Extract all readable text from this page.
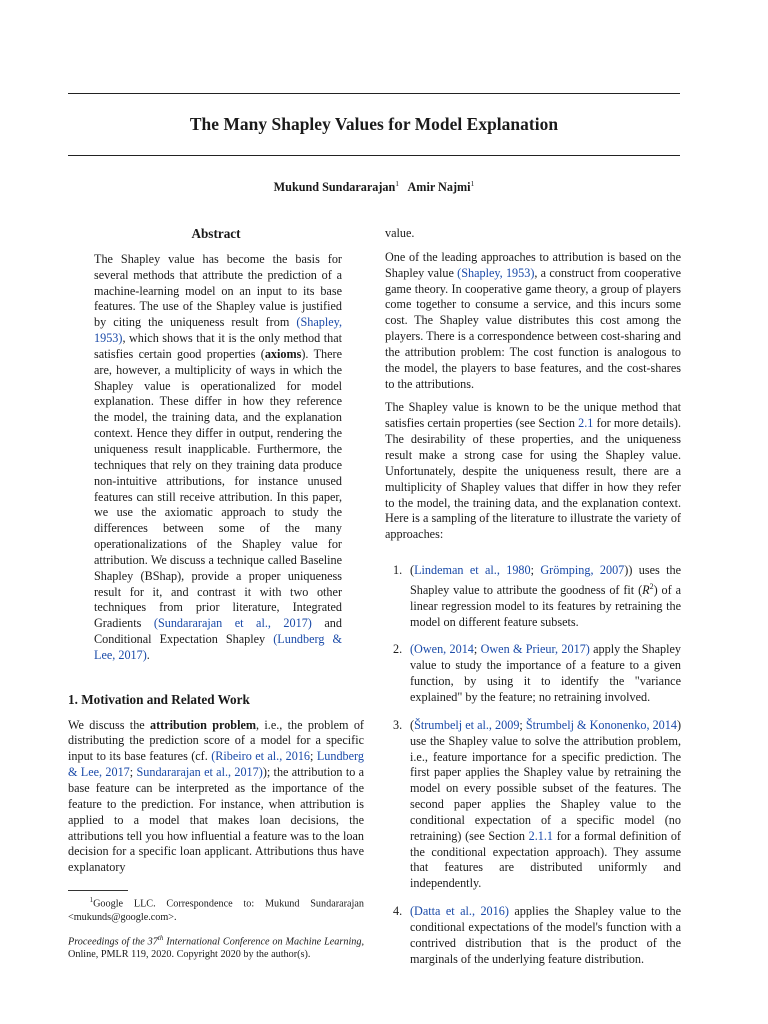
The Many Shapley Values for Model Explanation
Mukund Sundararajan$^1$ Amir Najmi$^1$
Abstract

The Shapley value has become the basis for several methods that attribute the prediction of a machine-learning model on an input to its base features. The use of the Shapley value is justified by citing the uniqueness result from (Shapley, 1953), which shows that it is the only method that satisfies certain good properties (axioms). There are, however, a multiplicity of ways in which the Shapley value is operationalized for model explanation. These differ in how they reference the model, the training data, and the explanation context. Hence they differ in output, rendering the uniqueness result inapplicable. Furthermore, the techniques that rely on they training data produce non-intuitive attributions, for instance unused features can still receive attribution. In this paper, we use the axiomatic approach to study the differences between some of the many operationalizations of the Shapley value for attribution. We discuss a technique called Baseline Shapley (BShap), provide a proper uniqueness result for it, and contrast it with two other techniques from prior literature, Integrated Gradients (Sundararajan et al., 2017) and Conditional Expectation Shapley (Lundberg & Lee, 2017).

1. Motivation and Related Work

We discuss the attribution problem, i.e., the problem of distributing the prediction score of a model for a specific input to its base features (cf. (Ribeiro et al., 2016; Lundberg & Lee, 2017; Sundararajan et al., 2017)); the attribution to a base feature can be interpreted as the importance of the feature to the prediction. For instance, when attribution is applied to a model that makes loan decisions, the attributions tell you how influential a feature was to the loan decision for a specific loan applicant. Attributions thus have explanatory

$^1$Google LLC. Correspondence to: Mukund Sundararajan <mukunds@google.com>.
Proceedings of the 37th International Conference on Machine Learning, Online, PMLR 119, 2020. Copyright 2020 by the author(s).

value.

One of the leading approaches to attribution is based on the Shapley value (Shapley, 1953), a construct from cooperative game theory. In cooperative game theory, a group of players come together to consume a service, and this incurs some cost. The Shapley value distributes this cost among the players. There is a correspondence between cost-sharing and the attribution problem: The cost function is analogous to the model, the players to base features, and the cost-shares to the attributions.

The Shapley value is known to be the unique method that satisfies certain properties (see Section 2.1 for more details). The desirability of these properties, and the uniqueness result make a strong case for using the Shapley value. Unfortunately, despite the uniqueness result, there are a multiplicity of Shapley values that differ in how they refer to the model, the training data, and the explanation context. Here is a sampling of the literature to illustrate the variety of approaches:

1. (Lindeman et al., 1980; Grömping, 2007)) uses the Shapley value to attribute the goodness of fit $(R^2)$ of a linear regression model to its features by retraining the model on different feature subsets.
2. (Owen, 2014; Owen & Prieur, 2017) apply the Shapley value to study the importance of a feature to a given function, by using it to identify the "variance explained" by the feature; no retraining involved.
3. (Štrumbelj et al., 2009; Štrumbelj & Kononenko, 2014) use the Shapley value to solve the attribution problem, i.e., feature importance for a specific prediction. The first paper applies the Shapley value by retraining the model on every possible subset of the features. The second paper applies the Shapley value to the conditional expectation of a specific model (no retraining) (see Section 2.1.1 for a formal definition of the conditional expectation approach). They assume that features are distributed uniformly and independently.
4. (Datta et al., 2016) applies the Shapley value to the conditional expectations of the model's function with a contrived distribution that is the product of the marginals of the underlying feature distribution.
